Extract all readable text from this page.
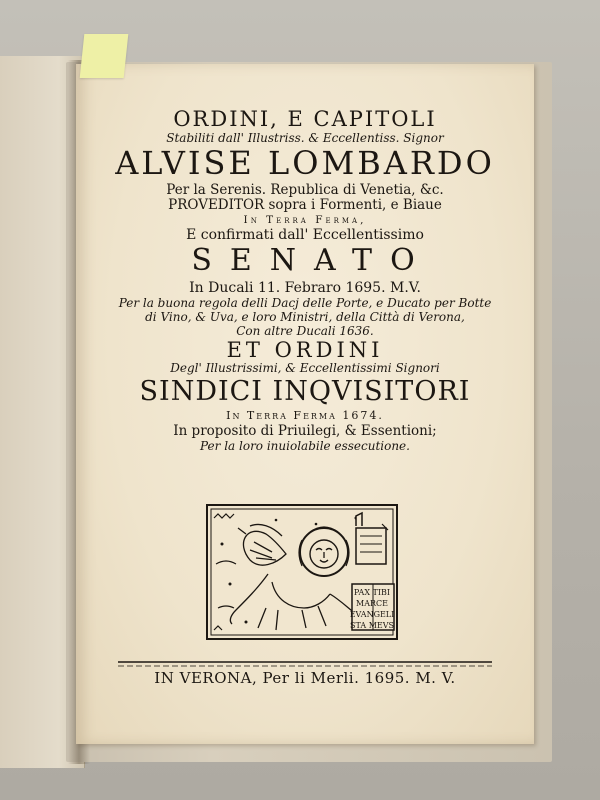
ORDINI, E CAPITOLI
Stabiliti dall' Illustriss. & Eccellentiss. Signor
ALVISE LOMBARDO
Per la Serenis. Republica di Venetia, &c.
PROVEDITOR sopra i Formenti, e Biaue
In Terra Ferma,
E confirmati dall' Eccellentissimo
SENATO
In Ducali 11. Febraro 1695. M.V.
Per la buona regola delli Dacj delle Porte, e Ducato per Botte
di Vino, & Uva, e loro Ministri, della Città di Verona,
Con altre Ducali 1636.
ET ORDINI
Degl' Illustrissimi, & Eccellentissimi Signori
SINDICI INQVISITORI
In Terra Ferma 1674.
In proposito di Priuilegi, & Essentioni;
Per la loro inuiolabile essecutione.
PAX TIBI
MARCE
EVANGELI
STA MEVS
IN VERONA, Per li Merli. 1695. M. V.
